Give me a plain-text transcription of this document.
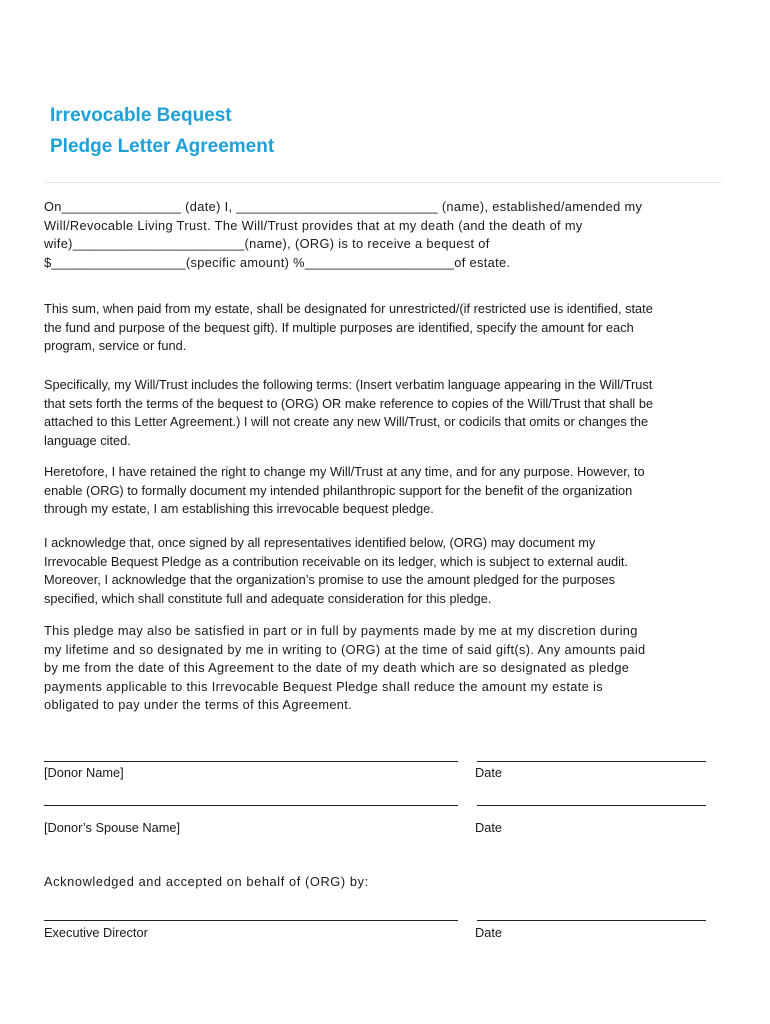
Irrevocable Bequest
Pledge Letter Agreement

On________________ (date) I, ___________________________ (name), established/amended my
Will/Revocable Living Trust. The Will/Trust provides that at my death (and the death of my
wife)_______________________(name), (ORG) is to receive a bequest of
$__________________(specific amount) %____________________of estate.

This sum, when paid from my estate, shall be designated for unrestricted/(if restricted use is identified, state
the fund and purpose of the bequest gift). If multiple purposes are identified, specify the amount for each
program, service or fund.

Specifically, my Will/Trust includes the following terms: (Insert verbatim language appearing in the Will/Trust
that sets forth the terms of the bequest to (ORG) OR make reference to copies of the Will/Trust that shall be
attached to this Letter Agreement.) I will not create any new Will/Trust, or codicils that omits or changes the
language cited.

Heretofore, I have retained the right to change my Will/Trust at any time, and for any purpose. However, to
enable (ORG) to formally document my intended philanthropic support for the benefit of the organization
through my estate, I am establishing this irrevocable bequest pledge.

I acknowledge that, once signed by all representatives identified below, (ORG) may document my
Irrevocable Bequest Pledge as a contribution receivable on its ledger, which is subject to external audit.
Moreover, I acknowledge that the organization’s promise to use the amount pledged for the purposes
specified, which shall constitute full and adequate consideration for this pledge.

This pledge may also be satisfied in part or in full by payments made by me at my discretion during
my lifetime and so designated by me in writing to (ORG) at the time of said gift(s). Any amounts paid
by me from the date of this Agreement to the date of my death which are so designated as pledge
payments applicable to this Irrevocable Bequest Pledge shall reduce the amount my estate is
obligated to pay under the terms of this Agreement.

[Donor Name]	Date

[Donor’s Spouse Name]	Date

Acknowledged and accepted on behalf of (ORG) by:

Executive Director	Date
